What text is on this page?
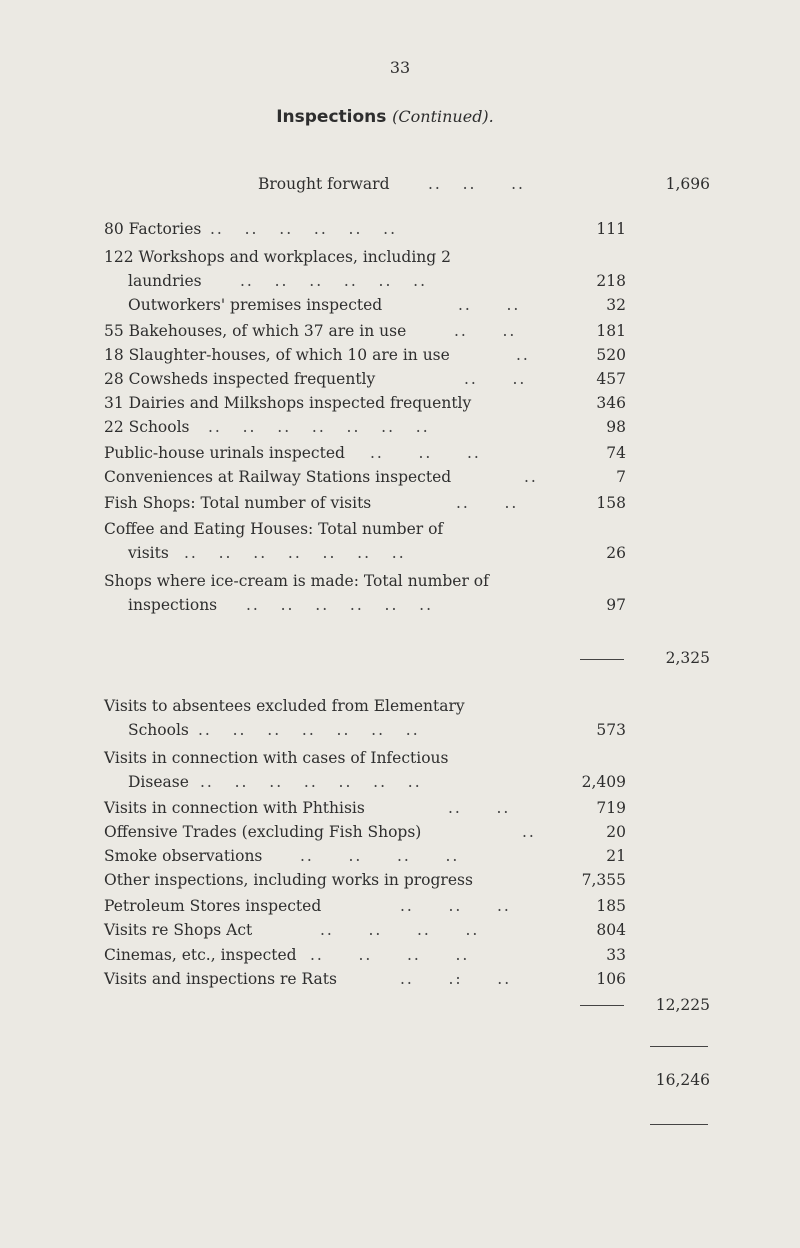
33
Inspections (Continued).
Brought forward ..   ..     ..	1,696
80 Factories ..   ..   ..   ..   ..   ..	111
122 Workshops and workplaces, including 2
laundries ..   ..   ..   ..   ..   ..	218
Outworkers' premises inspected	..     ..	32
55 Bakehouses, of which 37 are in use	..     ..	181
18 Slaughter-houses, of which 10 are in use	..	520
28 Cowsheds inspected frequently	..     ..	457
31 Dairies and Milkshops inspected frequently	346
22 Schools ..   ..   ..   ..   ..   ..   ..	98
Public-house urinals inspected ..     ..     ..	74
Conveniences at Railway Stations inspected	..	7
Fish Shops: Total number of visits	..     ..	158
Coffee and Eating Houses: Total number of
visits ..   ..   ..   ..   ..   ..   ..	26
Shops where ice-cream is made: Total number of
inspections ..   ..   ..   ..   ..   ..	97
2,325
Visits to absentees excluded from Elementary
Schools ..   ..   ..   ..   ..   ..   ..	573
Visits in connection with cases of Infectious
Disease ..   ..   ..   ..   ..   ..   ..	2,409
Visits in connection with Phthisis	..     ..	719
Offensive Trades (excluding Fish Shops)	..	20
Smoke observations ..     ..     ..     ..	21
Other inspections, including works in progress	7,355
Petroleum Stores inspected	..     ..     ..	185
Visits re Shops Act	..     ..     ..     ..	804
Cinemas, etc., inspected ..     ..     ..     ..	33
Visits and inspections re Rats	..     .:     ..	106
12,225
16,246
